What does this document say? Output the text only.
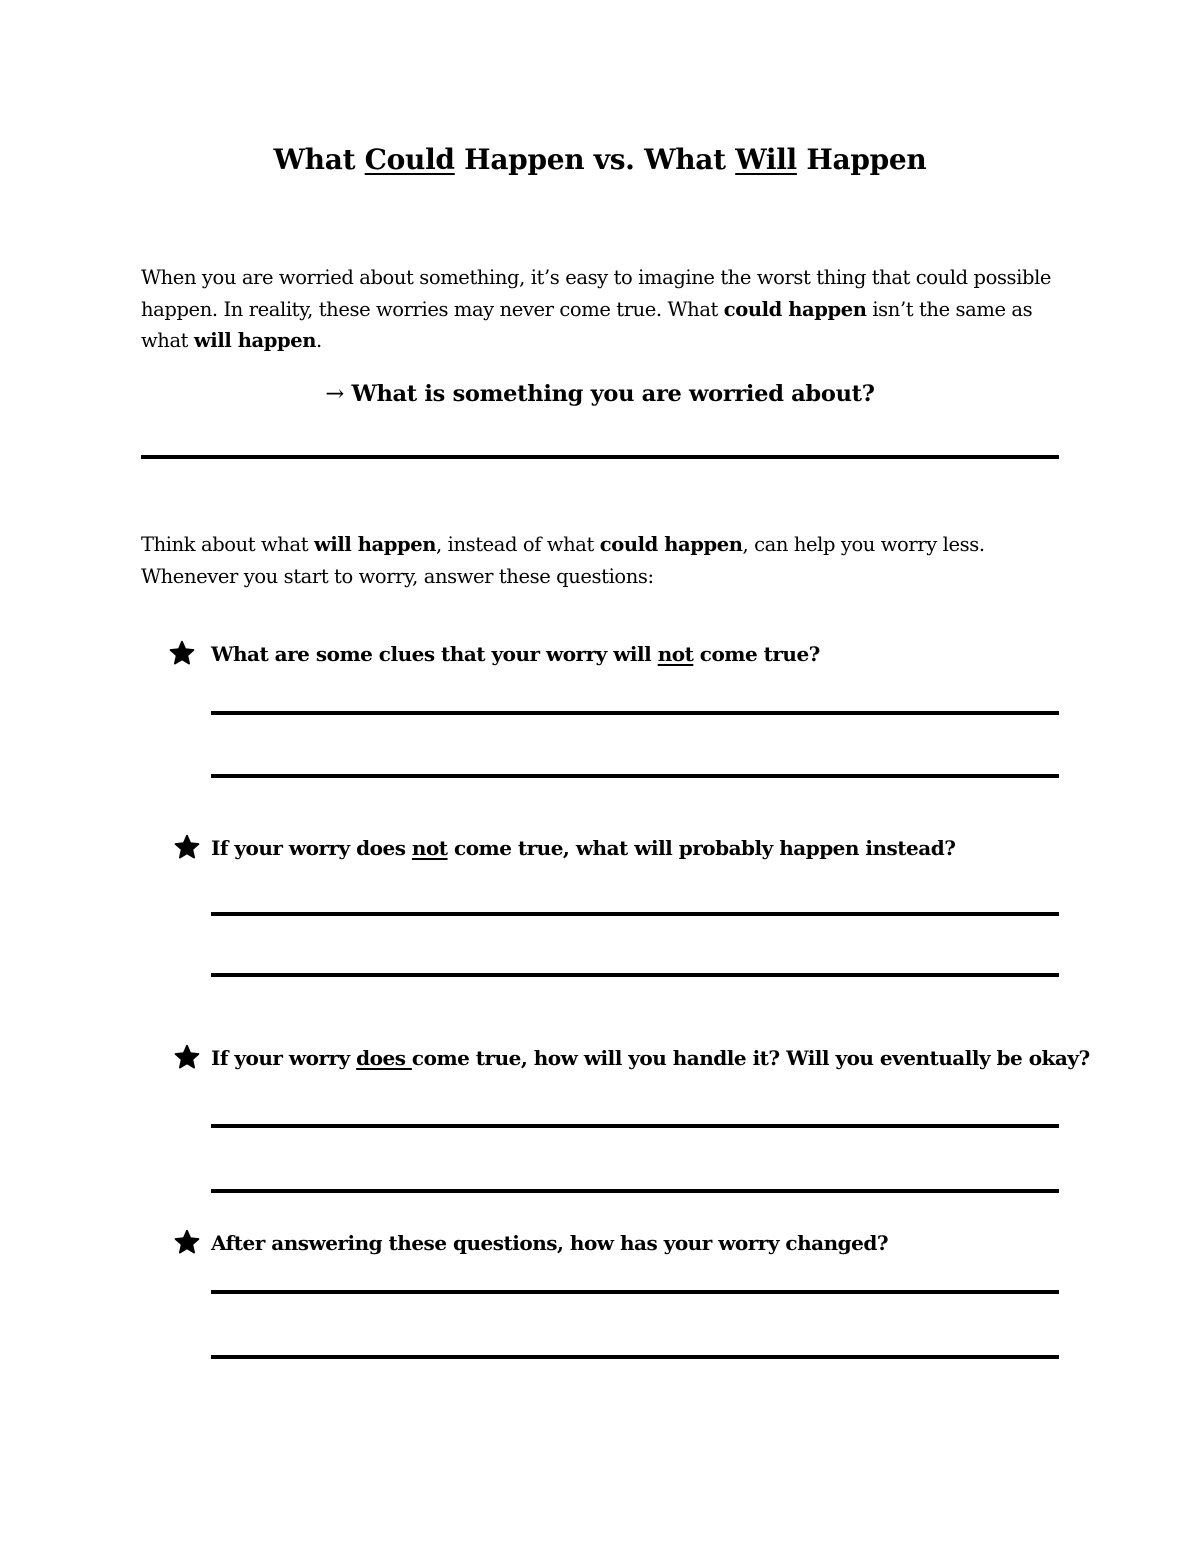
What Could Happen vs. What Will Happen
When you are worried about something, it’s easy to imagine the worst thing that could possible happen. In reality, these worries may never come true. What could happen isn’t the same as what will happen.
→ What is something you are worried about?
Think about what will happen, instead of what could happen, can help you worry less. Whenever you start to worry, answer these questions:
What are some clues that your worry will not come true?
If your worry does not come true, what will probably happen instead?
If your worry does come true, how will you handle it? Will you eventually be okay?
After answering these questions, how has your worry changed?
